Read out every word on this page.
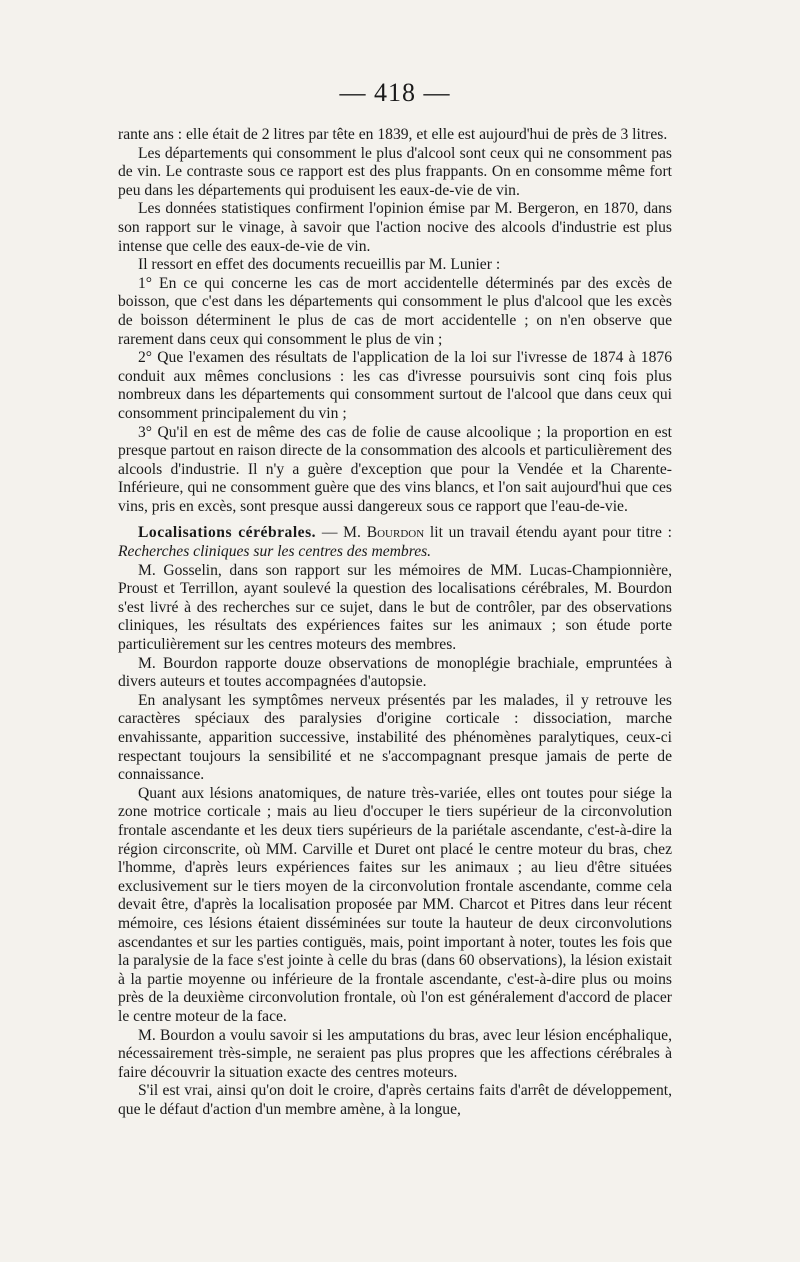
— 418 —

rante ans : elle était de 2 litres par tête en 1839, et elle est aujourd'hui de près de 3 litres.

Les départements qui consomment le plus d'alcool sont ceux qui ne consomment pas de vin. Le contraste sous ce rapport est des plus frappants. On en consomme même fort peu dans les départements qui produisent les eaux-de-vie de vin.

Les données statistiques confirment l'opinion émise par M. Bergeron, en 1870, dans son rapport sur le vinage, à savoir que l'action nocive des alcools d'industrie est plus intense que celle des eaux-de-vie de vin.

Il ressort en effet des documents recueillis par M. Lunier :

1° En ce qui concerne les cas de mort accidentelle déterminés par des excès de boisson, que c'est dans les départements qui consomment le plus d'alcool que les excès de boisson déterminent le plus de cas de mort accidentelle ; on n'en observe que rarement dans ceux qui consomment le plus de vin ;

2° Que l'examen des résultats de l'application de la loi sur l'ivresse de 1874 à 1876 conduit aux mêmes conclusions : les cas d'ivresse poursuivis sont cinq fois plus nombreux dans les départements qui consomment surtout de l'alcool que dans ceux qui consomment principalement du vin ;

3° Qu'il en est de même des cas de folie de cause alcoolique ; la proportion en est presque partout en raison directe de la consommation des alcools et particulièrement des alcools d'industrie. Il n'y a guère d'exception que pour la Vendée et la Charente-Inférieure, qui ne consomment guère que des vins blancs, et l'on sait aujourd'hui que ces vins, pris en excès, sont presque aussi dangereux sous ce rapport que l'eau-de-vie.

Localisations cérébrales. — M. Bourdon lit un travail étendu ayant pour titre : Recherches cliniques sur les centres des membres.

M. Gosselin, dans son rapport sur les mémoires de MM. Lucas-Championnière, Proust et Terrillon, ayant soulevé la question des localisations cérébrales, M. Bourdon s'est livré à des recherches sur ce sujet, dans le but de contrôler, par des observations cliniques, les résultats des expériences faites sur les animaux ; son étude porte particulièrement sur les centres moteurs des membres.

M. Bourdon rapporte douze observations de monoplégie brachiale, empruntées à divers auteurs et toutes accompagnées d'autopsie.

En analysant les symptômes nerveux présentés par les malades, il y retrouve les caractères spéciaux des paralysies d'origine corticale : dissociation, marche envahissante, apparition successive, instabilité des phénomènes paralytiques, ceux-ci respectant toujours la sensibilité et ne s'accompagnant presque jamais de perte de connaissance.

Quant aux lésions anatomiques, de nature très-variée, elles ont toutes pour siége la zone motrice corticale ; mais au lieu d'occuper le tiers supérieur de la circonvolution frontale ascendante et les deux tiers supérieurs de la pariétale ascendante, c'est-à-dire la région circonscrite, où MM. Carville et Duret ont placé le centre moteur du bras, chez l'homme, d'après leurs expériences faites sur les animaux ; au lieu d'être situées exclusivement sur le tiers moyen de la circonvolution frontale ascendante, comme cela devait être, d'après la localisation proposée par MM. Charcot et Pitres dans leur récent mémoire, ces lésions étaient disséminées sur toute la hauteur de deux circonvolutions ascendantes et sur les parties contiguës, mais, point important à noter, toutes les fois que la paralysie de la face s'est jointe à celle du bras (dans 60 observations), la lésion existait à la partie moyenne ou inférieure de la frontale ascendante, c'est-à-dire plus ou moins près de la deuxième circonvolution frontale, où l'on est généralement d'accord de placer le centre moteur de la face.

M. Bourdon a voulu savoir si les amputations du bras, avec leur lésion encéphalique, nécessairement très-simple, ne seraient pas plus propres que les affections cérébrales à faire découvrir la situation exacte des centres moteurs.

S'il est vrai, ainsi qu'on doit le croire, d'après certains faits d'arrêt de développement, que le défaut d'action d'un membre amène, à la longue,
